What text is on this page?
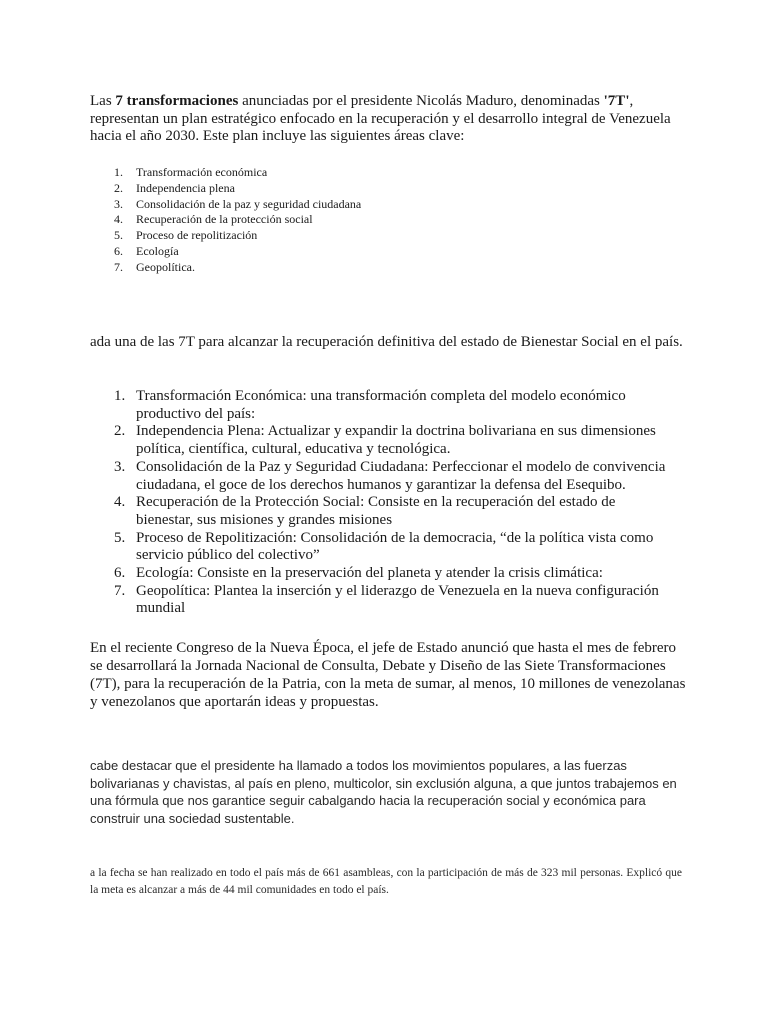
Las 7 transformaciones anunciadas por el presidente Nicolás Maduro, denominadas '7T', representan un plan estratégico enfocado en la recuperación y el desarrollo integral de Venezuela hacia el año 2030. Este plan incluye las siguientes áreas clave:

1. Transformación económica
2. Independencia plena
3. Consolidación de la paz y seguridad ciudadana
4. Recuperación de la protección social
5. Proceso de repolitización
6. Ecología
7. Geopolítica.

ada una de las 7T para alcanzar la recuperación definitiva del estado de Bienestar Social en el país.

1. Transformación Económica: una transformación completa del modelo económico productivo del país:
2. Independencia Plena: Actualizar y expandir la doctrina bolivariana en sus dimensiones política, científica, cultural, educativa y tecnológica.
3. Consolidación de la Paz y Seguridad Ciudadana: Perfeccionar el modelo de convivencia ciudadana, el goce de los derechos humanos y garantizar la defensa del Esequibo.
4. Recuperación de la Protección Social: Consiste en la recuperación del estado de bienestar, sus misiones y grandes misiones
5. Proceso de Repolitización: Consolidación de la democracia, “de la política vista como servicio público del colectivo”
6. Ecología: Consiste en la preservación del planeta y atender la crisis climática:
7. Geopolítica: Plantea la inserción y el liderazgo de Venezuela en la nueva configuración mundial

En el reciente Congreso de la Nueva Época, el jefe de Estado anunció que hasta el mes de febrero se desarrollará la Jornada Nacional de Consulta, Debate y Diseño de las Siete Transformaciones (7T), para la recuperación de la Patria, con la meta de sumar, al menos, 10 millones de venezolanas y venezolanos que aportarán ideas y propuestas.

cabe destacar que el presidente ha llamado a todos los movimientos populares, a las fuerzas bolivarianas y chavistas, al país en pleno, multicolor, sin exclusión alguna, a que juntos trabajemos en una fórmula que nos garantice seguir cabalgando hacia la recuperación social y económica para construir una sociedad sustentable.

a la fecha se han realizado en todo el país más de 661 asambleas, con la participación de más de 323 mil personas. Explicó que la meta es alcanzar a más de 44 mil comunidades en todo el país.
